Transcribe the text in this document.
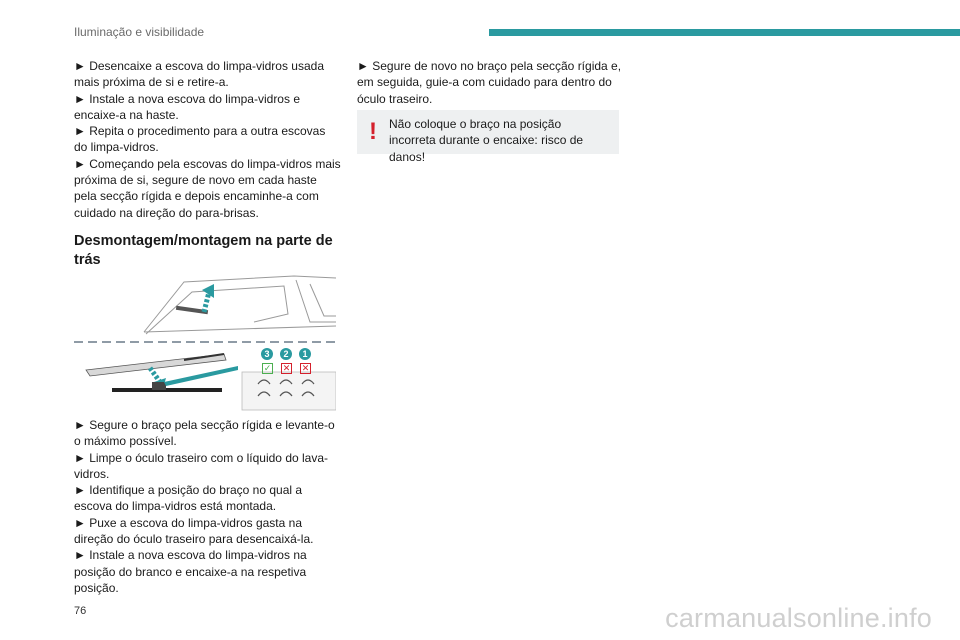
Iluminação e visibilidade

► Desencaixe a escova do limpa-vidros usada mais próxima de si e retire-a.

► Instale a nova escova do limpa-vidros e encaixe-a na haste.

► Repita o procedimento para a outra escovas do limpa-vidros.

► Começando pela escovas do limpa-vidros mais próxima de si, segure de novo em cada haste pela secção rígida e depois encaminhe-a com cuidado na direção do para-brisas.

Desmontagem/montagem na parte de trás
3	2	1
✓ ✕ ✕

► Segure o braço pela secção rígida e levante-o o máximo possível.

► Limpe o óculo traseiro com o líquido do lava-vidros.

► Identifique a posição do braço no qual a escova do limpa-vidros está montada.

► Puxe a escova do limpa-vidros gasta na direção do óculo traseiro para desencaixá-la.

► Instale a nova escova do limpa-vidros na posição do branco e encaixe-a na respetiva posição.

► Segure de novo no braço pela secção rígida e, em seguida, guie-a com cuidado para dentro do óculo traseiro.

! Não coloque o braço na posição incorreta durante o encaixe: risco de danos!
76	carmanualsonline.info
